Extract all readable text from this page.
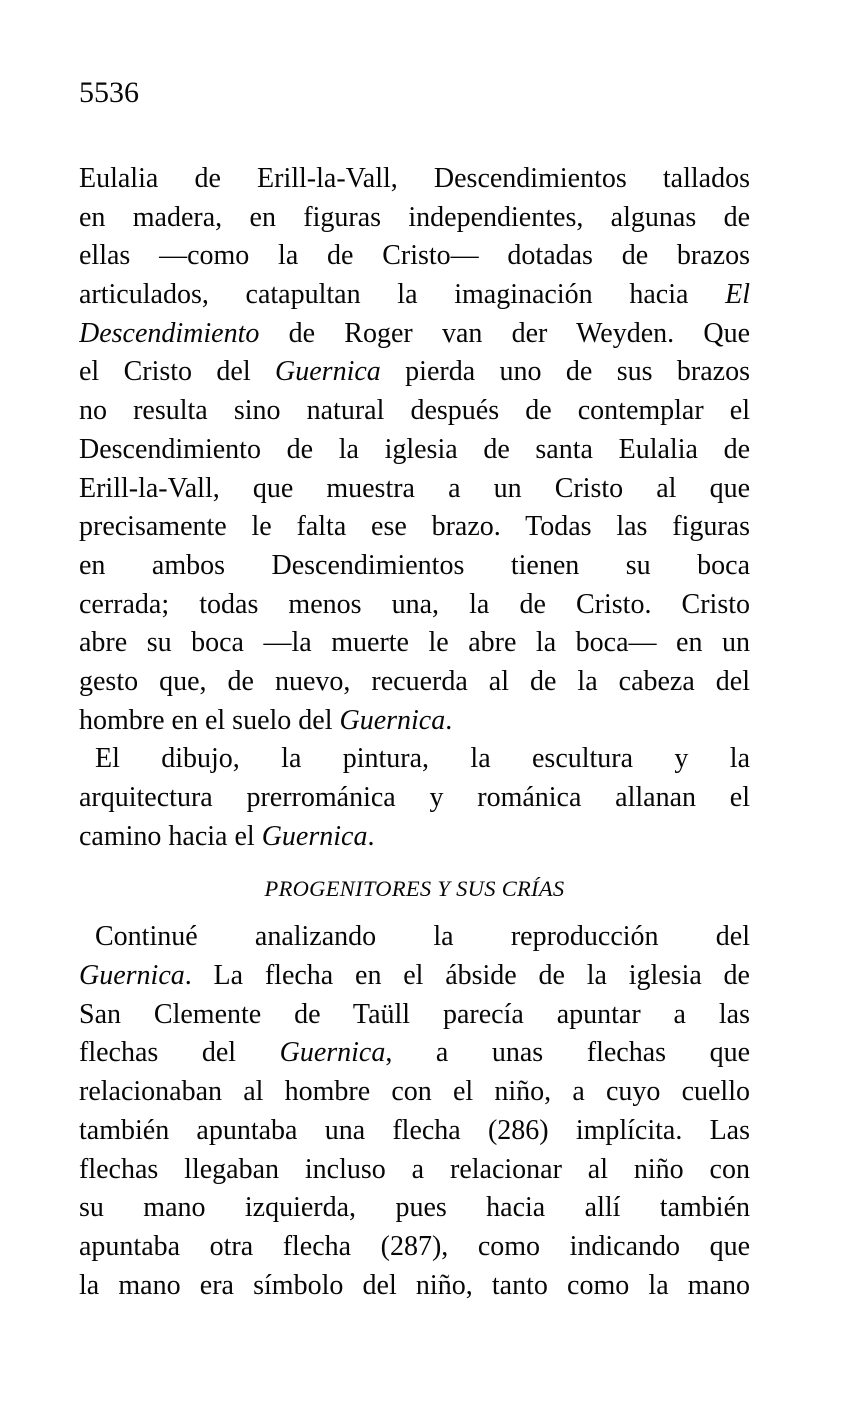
5536
Eulalia de Erill-la-Vall, Descendimientos tallados
en madera, en figuras independientes, algunas de
ellas —como la de Cristo— dotadas de brazos
articulados, catapultan la imaginación hacia El
Descendimiento de Roger van der Weyden. Que
el Cristo del Guernica pierda uno de sus brazos
no resulta sino natural después de contemplar el
Descendimiento de la iglesia de santa Eulalia de
Erill-la-Vall, que muestra a un Cristo al que
precisamente le falta ese brazo. Todas las figuras
en ambos Descendimientos tienen su boca
cerrada; todas menos una, la de Cristo. Cristo
abre su boca —la muerte le abre la boca— en un
gesto que, de nuevo, recuerda al de la cabeza del
hombre en el suelo del Guernica.
El dibujo, la pintura, la escultura y la
arquitectura prerrománica y románica allanan el
camino hacia el Guernica.
PROGENITORES Y SUS CRÍAS
Continué analizando la reproducción del
Guernica. La flecha en el ábside de la iglesia de
San Clemente de Taüll parecía apuntar a las
flechas del Guernica, a unas flechas que
relacionaban al hombre con el niño, a cuyo cuello
también apuntaba una flecha (286) implícita. Las
flechas llegaban incluso a relacionar al niño con
su mano izquierda, pues hacia allí también
apuntaba otra flecha (287), como indicando que
la mano era símbolo del niño, tanto como la mano
